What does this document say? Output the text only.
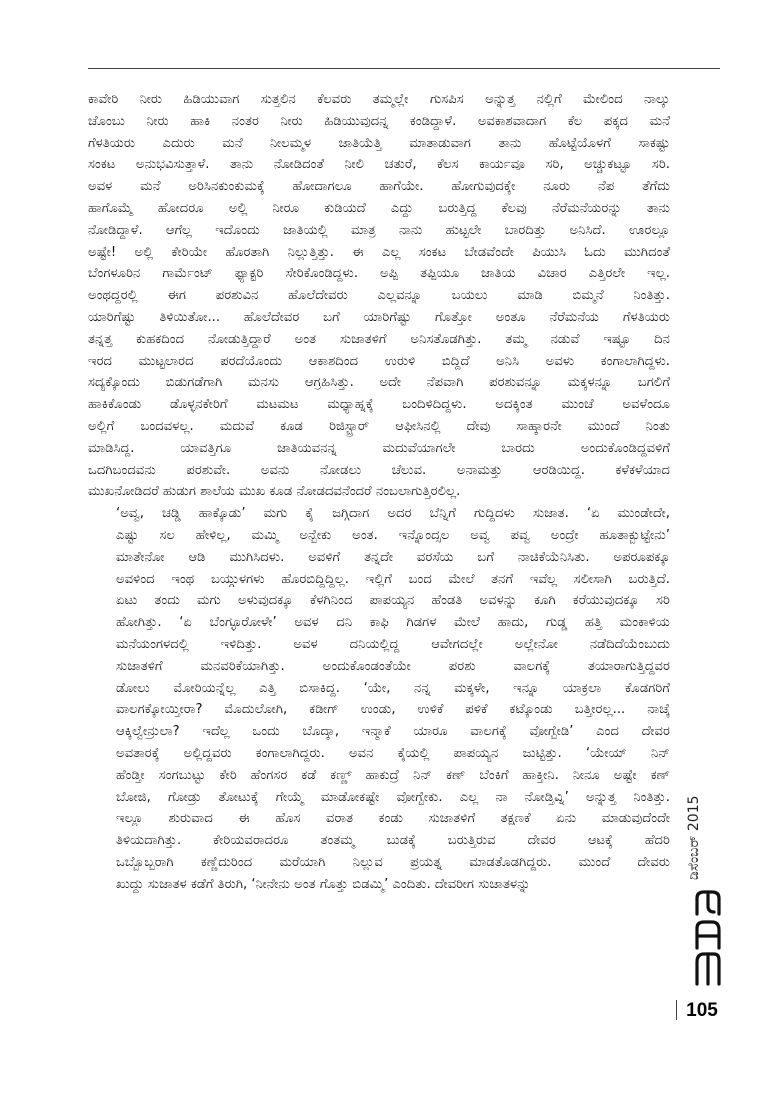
ಕಾವೇರಿ ನೀರು ಹಿಡಿಯುವಾಗ ಸುತ್ತಲಿನ ಕೆಲವರು ತಮ್ಮಲ್ಲೇ ಗುಸಪಿಸ ಅನ್ನುತ್ತ ನಲ್ಲಿಗೆ ಮೇಲಿಂದ ನಾಲ್ಕು
ಚೊಂಬು ನೀರು ಹಾಕಿ ನಂತರ ನೀರು ಹಿಡಿಯುವುದನ್ನ ಕಂಡಿದ್ದಾಳೆ. ಅವಕಾಶವಾದಾಗ ಕೆಲ ಪಕ್ಕದ ಮನೆ
ಗೆಳತಿಯರು ಎದುರು ಮನೆ ನೀಲಮ್ಮಳ ಜಾತಿಯೆತ್ತಿ ಮಾತಾಡುವಾಗ ತಾನು ಹೊಟ್ಟೆಯೊಳಗೆ ಸಾಕಷ್ಟು
ಸಂಕಟ ಅನುಭವಿಸುತ್ತಾಳೆ. ತಾನು ನೋಡಿದಂತೆ ನೀಲಿ ಚತುರೆ, ಕೆಲಸ ಕಾರ್ಯವೂ ಸರಿ, ಅಚ್ಚುಕಟ್ಟೂ ಸರಿ.
ಅವಳ ಮನೆ ಅರಿಸಿನಕುಂಕುಮಕ್ಕೆ ಹೋದಾಗಲೂ ಹಾಗೆಯೇ. ಹೋಗುವುದಕ್ಕೇ ನೂರು ನೆಪ ತೆಗೆದು
ಹಾಗೊಮ್ಮೆ ಹೋದರೂ ಅಲ್ಲಿ ನೀರೂ ಕುಡಿಯದೆ ಎದ್ದು ಬರುತ್ತಿದ್ದ ಕೆಲವು ನೆರೆಮನೆಯರನ್ನು ತಾನು
ನೋಡಿದ್ದಾಳೆ. ಆಗೆಲ್ಲ ಇದೊಂದು ಜಾತಿಯಲ್ಲಿ ಮಾತ್ರ ನಾನು ಹುಟ್ಟಲೇ ಬಾರದಿತ್ತು ಅನಿಸಿದೆ. ಊರಲ್ಲೂ
ಅಷ್ಟೇ! ಅಲ್ಲಿ ಕೇರಿಯೇ ಹೊರತಾಗಿ ನಿಲ್ಲುತ್ತಿತ್ತು. ಈ ಎಲ್ಲ ಸಂಕಟ ಬೇಡವೆಂದೇ ಪಿಯುಸಿ ಓದು ಮುಗಿದಂತೆ
ಬೆಂಗಳೂರಿನ ಗಾರ್ಮೆಂಟ್ ಫ್ಯಾಕ್ಟರಿ ಸೇರಿಕೊಂಡಿದ್ದಳು. ಅಪ್ಪಿ ತಪ್ಪಿಯೂ ಜಾತಿಯ ವಿಚಾರ ಎತ್ತಿರಲೇ ಇಲ್ಲ.
ಅಂಥದ್ದರಲ್ಲಿ ಈಗ ಪರಶುವಿನ ಹೊಲೆದೇವರು ಎಲ್ಲವನ್ನೂ ಬಯಲು ಮಾಡಿ ಬಿಮ್ಮನೆ ನಿಂತಿತ್ತು.
ಯಾರಿಗೆಷ್ಟು ತಿಳಿಯಿತೋ... ಹೊಲೆದೇವರ ಬಗೆ ಯಾರಿಗೆಷ್ಟು ಗೊತ್ತೋ ಅಂತೂ ನೆರೆಮನೆಯ ಗೆಳತಿಯರು
ತನ್ನತ್ತ ಕುಹಕದಿಂದ ನೋಡುತ್ತಿದ್ದಾರೆ ಅಂತ ಸುಜಾತಳಿಗೆ ಅನಿಸತೊಡಗಿತ್ತು. ತಮ್ಮ ನಡುವೆ ಇಷ್ಟೂ ದಿನ
ಇರದ ಮುಟ್ಟಲಾರದ ಪರದೆಯೊಂದು ಆಕಾಶದಿಂದ ಉರುಳಿ ಬಿದ್ದಿದೆ ಅನಿಸಿ ಅವಳು ಕಂಗಾಲಾಗಿದ್ದಳು.
ಸದ್ಯಕ್ಕೊಂದು ಬಿಡುಗಡೆಗಾಗಿ ಮನಸು ಆಗ್ರಹಿಸಿತ್ತು. ಅದೇ ನೆಪವಾಗಿ ಪರಶುವನ್ನೂ ಮಕ್ಕಳನ್ನೂ ಬಗಲಿಗೆ
ಹಾಕಿಕೊಂಡು ಡೊಳ್ಳನಕೇರಿಗೆ ಮಟಮಟ ಮಧ್ಯಾಹ್ನಕ್ಕೆ ಬಂದಿಳಿದಿದ್ದಳು. ಅದಕ್ಕಿಂತ ಮುಂಚೆ ಅವಳೆಂದೂ
ಅಲ್ಲಿಗೆ ಬಂದವಳಲ್ಲ. ಮದುವೆ ಕೂಡ ರಿಜಿಸ್ಟ್ರಾರ್ ಆಫೀಸಿನಲ್ಲಿ ದೇವು ಸಾಹ್ಕಾರನೇ ಮುಂದೆ ನಿಂತು
ಮಾಡಿಸಿದ್ದ. ಯಾವತ್ತಿಗೂ ಜಾತಿಯವನನ್ನ ಮದುವೆಯಾಗಲೇ ಬಾರದು ಅಂದುಕೊಂಡಿದ್ದವಳಿಗೆ
ಒದಗಿಬಂದವನು ಪರಶುವೇ. ಅವನು ನೋಡಲು ಚೆಲುವ. ಅನಾಮತ್ತು ಆರಡಿಯಿದ್ದ. ಕಳೆಕಳೆಯಾದ
ಮುಖನೋಡಿದರೆ ಹುಡುಗ ಶಾಲೆಯ ಮುಖ ಕೂಡ ನೋಡದವನೆಂದರೆ ನಂಬಲಾಗುತ್ತಿರಲಿಲ್ಲ.

‘ಅವ್ವ, ಚಡ್ಡಿ ಹಾಕ್ಕೊಡು’ ಮಗು ಕೈ ಜಗ್ಗಿದಾಗ ಅದರ ಬೆನ್ನಿಗೆ ಗುದ್ದಿದಳು ಸುಜಾತ. ‘ಏ ಮುಂಡೇದೇ,
ಎಷ್ಟು ಸಲ ಹೇಳಿಲ್ಲ, ಮಮ್ಮಿ ಅನ್ಬೇಕು ಅಂತ. ಇನ್ನೊಂದ್ಸಲ ಅವ್ವ ಪವ್ವ ಅಂದ್ರೇ ಹೂತಾಕ್ಬುಟ್ಟೇನು’
ಮಾತೇನೋ ಆಡಿ ಮುಗಿಸಿದಳು. ಅವಳಿಗೆ ತನ್ನದೇ ವರಸೆಯ ಬಗೆ ನಾಚಿಕೆಯೆನಿಸಿತು. ಅಪರೂಪಕ್ಕೂ
ಅವಳಿಂದ ಇಂಥ ಬಯ್ಗುಳಗಳು ಹೊರಬಿದ್ದಿದ್ದಿಲ್ಲ. ಇಲ್ಲಿಗೆ ಬಂದ ಮೇಲೆ ತನಗೆ ಇವೆಲ್ಲ ಸಲೀಸಾಗಿ ಬರುತ್ತಿದೆ.
ಏಟು ತಂದು ಮಗು ಅಳುವುದಕ್ಕೂ ಕೆಳಗಿನಿಂದ ಪಾಪಯ್ಯನ ಹೆಂಡತಿ ಅವಳನ್ನು ಕೂಗಿ ಕರೆಯುವುದಕ್ಕೂ ಸರಿ
ಹೋಗಿತ್ತು. ‘ಏ ಬೆಂಗ್ಳೂರೋಳೇ’ ಅವಳ ದನಿ ಕಾಫಿ ಗಿಡಗಳ ಮೇಲೆ ಹಾದು, ಗುಡ್ಡ ಹತ್ತಿ ಮಂಕಾಳಿಯ
ಮನೆಯಂಗಳದಲ್ಲಿ ಇಳಿದಿತ್ತು. ಅವಳ ದನಿಯಲ್ಲಿದ್ದ ಆವೇಗದಲ್ಲೇ ಅಲ್ಲೇನೋ ನಡೆದಿದೆಯೆಂಬುದು
ಸುಜಾತಳಿಗೆ ಮನವರಿಕೆಯಾಗಿತ್ತು. ಅಂದುಕೊಂಡಂತೆಯೇ ಪರಶು ವಾಲಗಕ್ಕೆ ತಯಾರಾಗುತ್ತಿದ್ದವರ
ಡೋಲು ಮೋರಿಯನ್ನೆಲ್ಲ ಎತ್ತಿ ಬಿಸಾಕಿದ್ದ. ‘ಯೇ, ನನ್ನ ಮಕ್ಕಳೇ, ಇನ್ನೂ ಯಾಕ್ರಲಾ ಕೊಡಗರಿಗೆ
ವಾಲಗಕ್ಕೋಯ್ತೀರಾ? ಮೊದುಲೋಗಿ, ಕಡೀಗ್ ಉಂಡು, ಉಳಿಕೆ ಪಳಿಕೆ ಕಟ್ಕೊಂಡು ಬತ್ತೀರಲ್ಲ... ನಾಚ್ಕೆ
ಆಕ್ಕಿಲ್ವೇನ್ರುಲಾ? ಇದೆಲ್ಲ ಒಂದು ಬೊದ್ಕಾ, ಇನ್ಮಾಕೆ ಯಾರೂ ವಾಲಗಕ್ಕೆ ವೋಗ್ಬೇಡಿ’ ಎಂದ ದೇವರ
ಅವತಾರಕ್ಕೆ ಅಲ್ಲಿದ್ದವರು ಕಂಗಾಲಾಗಿದ್ದರು. ಅವನ ಕೈಯಲ್ಲಿ ಪಾಪಯ್ಯನ ಜುಟ್ಟಿತ್ತು. ‘ಯೇಯ್ ನಿನ್
ಹೆಂಡ್ತೀ ಸಂಗಬುಟ್ಟು ಕೇರಿ ಹೆಂಗಸರ ಕಡೆ ಕಣ್ಣ್ ಹಾಕುದ್ರೆ ನಿನ್ ಕಣ್ ಬೆಂಕಿಗೆ ಹಾಕ್ತೀನಿ. ನೀನೂ ಅಷ್ಟೇ ಕಣ್
ಬೋಜಿ, ಗೋಡ್ರು ತೋಟುಕ್ಕೆ ಗೇಯ್ಮೆ ಮಾಡೋಕಷ್ಟೇ ವೋಗ್ಬೇಕು. ಎಲ್ಲ ನಾ ನೋಡ್ತಿವ್ನಿ’ ಅನ್ನುತ್ತ ನಿಂತಿತ್ತು.
ಇಲ್ಲೂ ಶುರುವಾದ ಈ ಹೊಸ ವರಾತ ಕಂಡು ಸುಜಾತಳಿಗೆ ತಕ್ಷಣಕೆ ಏನು ಮಾಡುವುದೆಂದೇ
ತಿಳಿಯದಾಗಿತ್ತು. ಕೇರಿಯವರಾದರೂ ತಂತಮ್ಮ ಬುಡಕ್ಕೆ ಬರುತ್ತಿರುವ ದೇವರ ಆಟಕ್ಕೆ ಹೆದರಿ
ಒಬ್ಬೊಬ್ಬರಾಗಿ ಕಣ್ಣೆದುರಿಂದ ಮರೆಯಾಗಿ ನಿಲ್ಲುವ ಪ್ರಯತ್ನ ಮಾಡತೊಡಗಿದ್ದರು. ಮುಂದೆ ದೇವರು
ಖುದ್ದು ಸುಜಾತಳ ಕಡೆಗೆ ತಿರುಗಿ, ‘ನೀನೇನು ಅಂತ ಗೊತ್ತು ಬಿಡಮ್ಮಿ’ ಎಂದಿತು. ದೇವರೀಗ ಸುಜಾತಳನ್ನು

ಡಿಸೆಂಬರ್ 2015
105
